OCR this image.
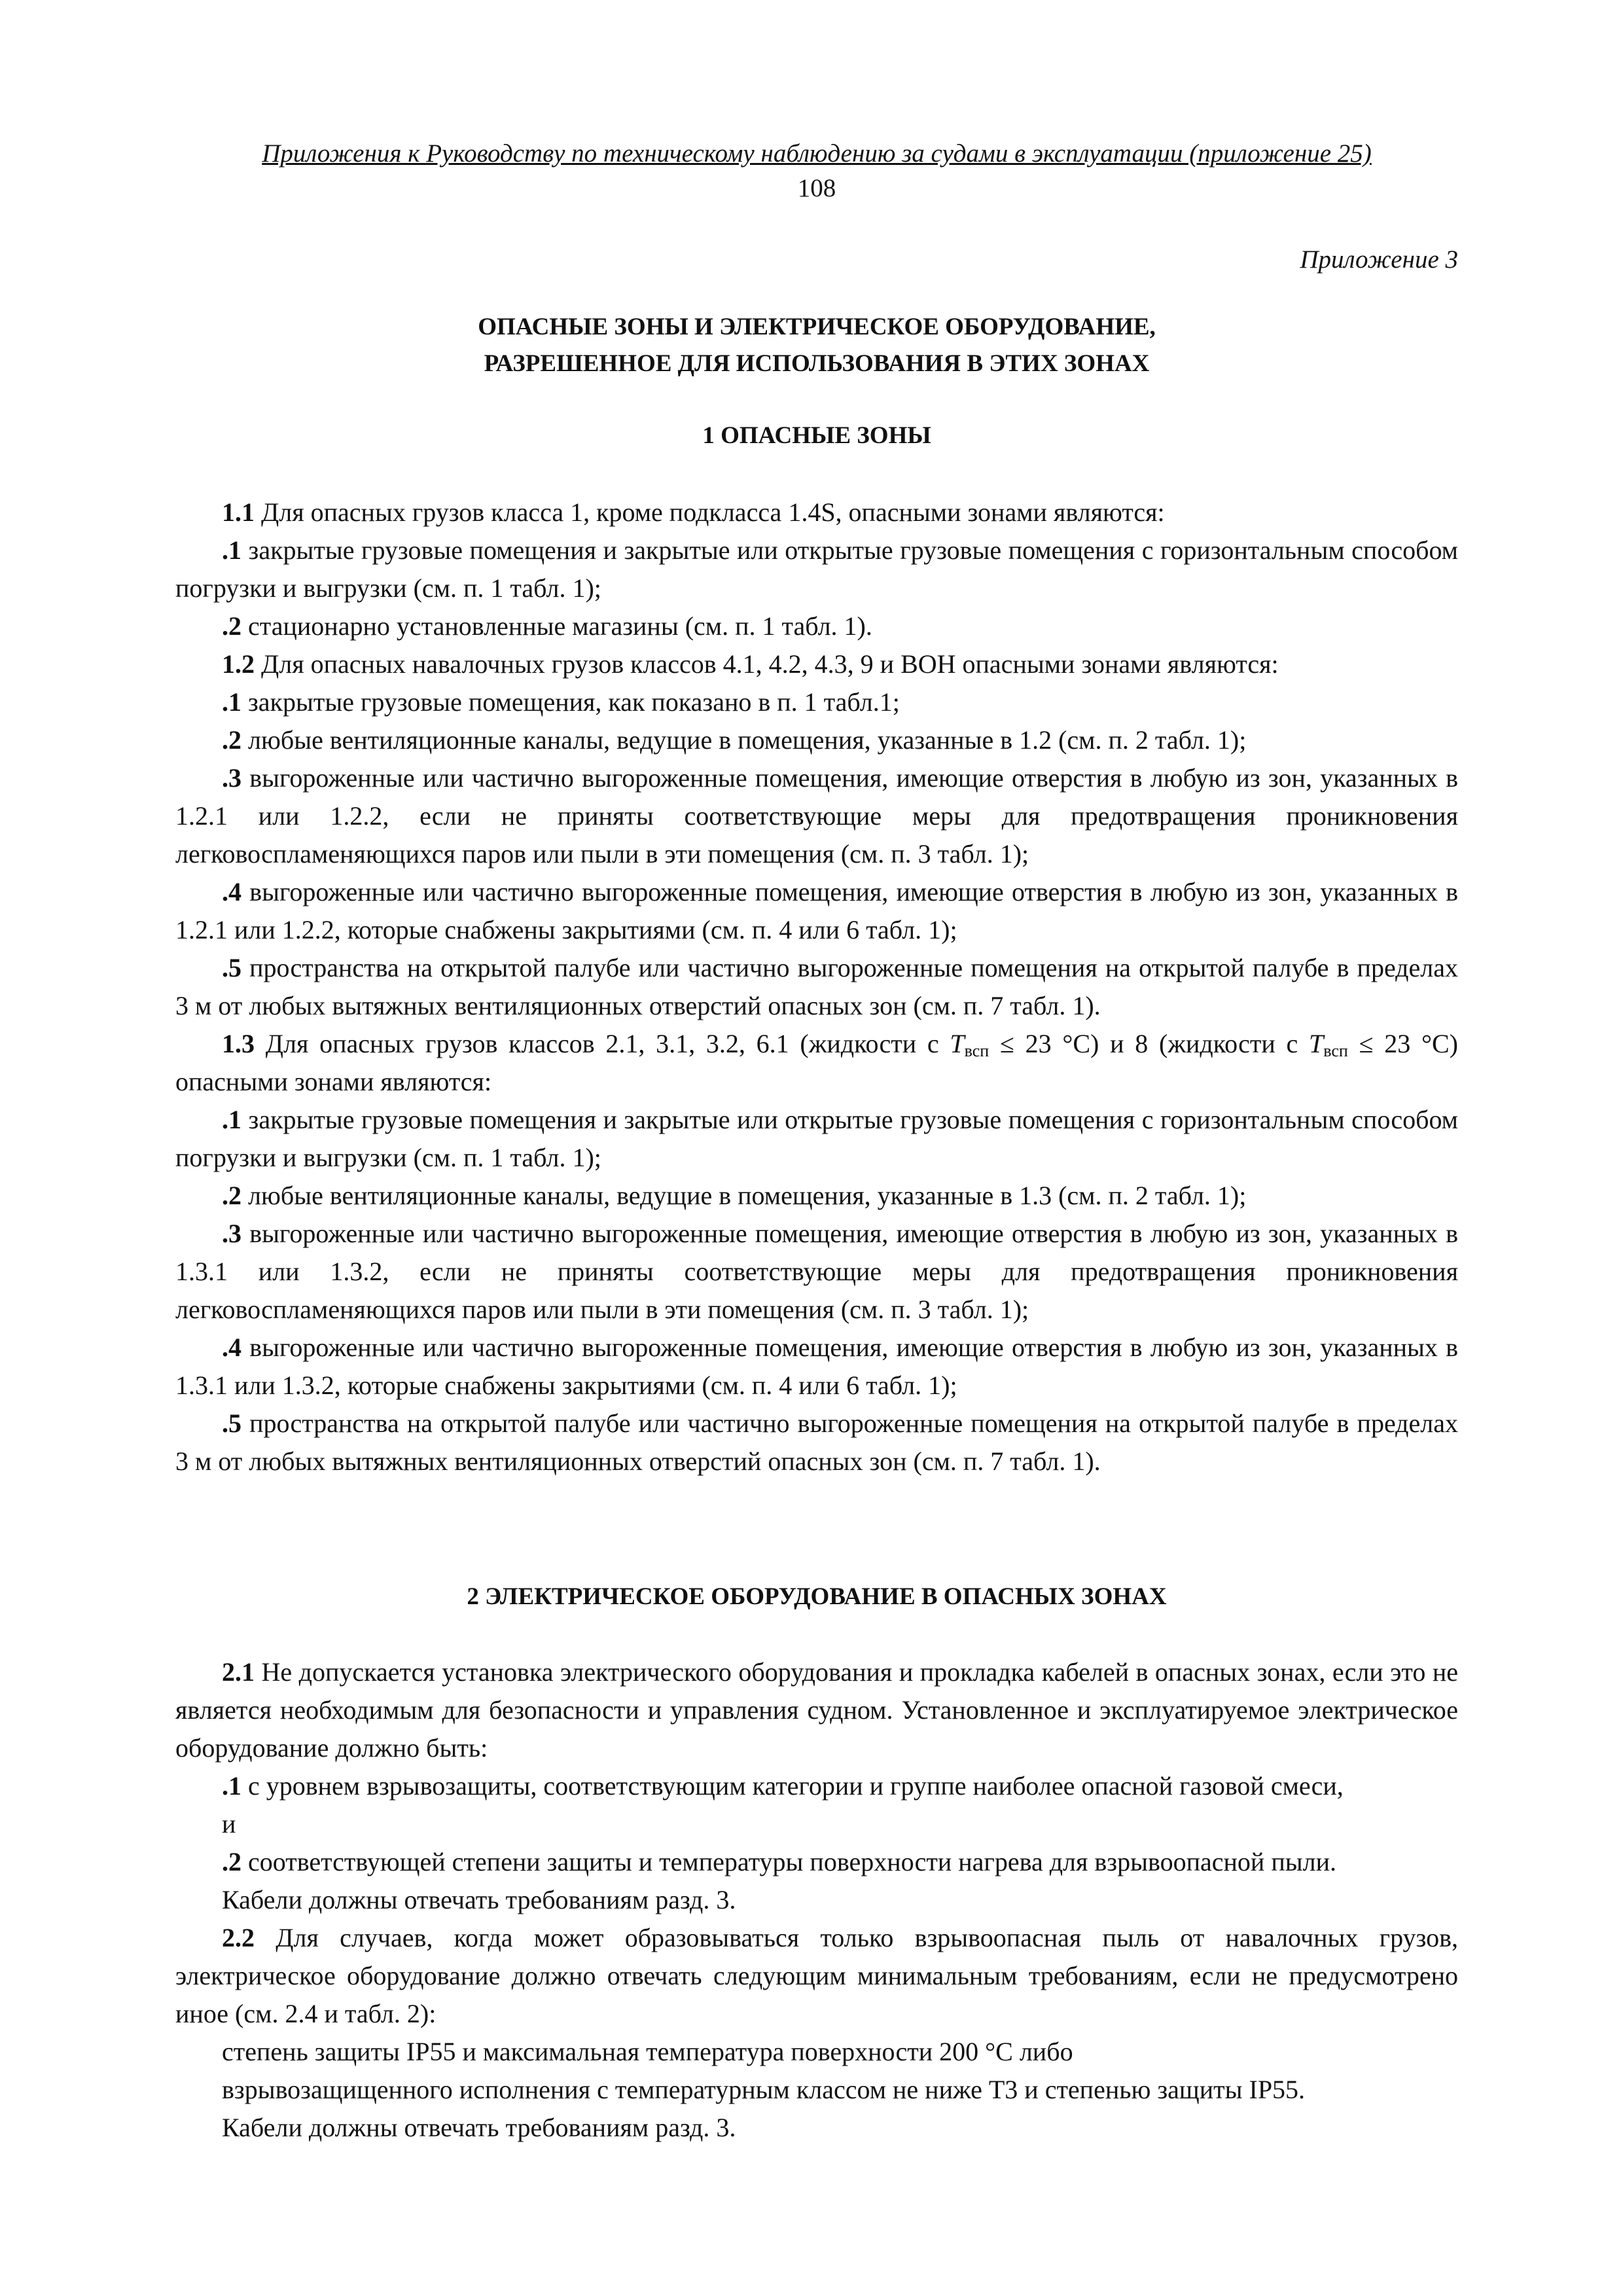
Приложения к Руководству по техническому наблюдению за судами в эксплуатации (приложение 25)
108
Приложение 3
ОПАСНЫЕ ЗОНЫ И ЭЛЕКТРИЧЕСКОЕ ОБОРУДОВАНИЕ,
РАЗРЕШЕННОЕ ДЛЯ ИСПОЛЬЗОВАНИЯ В ЭТИХ ЗОНАХ
1 ОПАСНЫЕ ЗОНЫ

1.1 Для опасных грузов класса 1, кроме подкласса 1.4S, опасными зонами являются:

.1 закрытые грузовые помещения и закрытые или открытые грузовые помещения с горизонтальным способом погрузки и выгрузки (см. п. 1 табл. 1);

.2 стационарно установленные магазины (см. п. 1 табл. 1).

1.2 Для опасных навалочных грузов классов 4.1, 4.2, 4.3, 9 и ВОН опасными зонами являются:

.1 закрытые грузовые помещения, как показано в п. 1 табл.1;

.2 любые вентиляционные каналы, ведущие в помещения, указанные в 1.2 (см. п. 2 табл. 1);

.3 выгороженные или частично выгороженные помещения, имеющие отверстия в любую из зон, указанных в 1.2.1 или 1.2.2, если не приняты соответствующие меры для предотвращения проникновения легковоспламеняющихся паров или пыли в эти помещения (см. п. 3 табл. 1);

.4 выгороженные или частично выгороженные помещения, имеющие отверстия в любую из зон, указанных в 1.2.1 или 1.2.2, которые снабжены закрытиями (см. п. 4 или 6 табл. 1);

.5 пространства на открытой палубе или частично выгороженные помещения на открытой палубе в пределах 3 м от любых вытяжных вентиляционных отверстий опасных зон (см. п. 7 табл. 1).

1.3 Для опасных грузов классов 2.1, 3.1, 3.2, 6.1 (жидкости с $T_{всп} \le 23$ °С) и 8 (жидкости с $T_{всп} \le 23$ °С) опасными зонами являются:

.1 закрытые грузовые помещения и закрытые или открытые грузовые помещения с горизонтальным способом погрузки и выгрузки (см. п. 1 табл. 1);

.2 любые вентиляционные каналы, ведущие в помещения, указанные в 1.3 (см. п. 2 табл. 1);

.3 выгороженные или частично выгороженные помещения, имеющие отверстия в любую из зон, указанных в 1.3.1 или 1.3.2, если не приняты соответствующие меры для предотвращения проникновения легковоспламеняющихся паров или пыли в эти помещения (см. п. 3 табл. 1);

.4 выгороженные или частично выгороженные помещения, имеющие отверстия в любую из зон, указанных в 1.3.1 или 1.3.2, которые снабжены закрытиями (см. п. 4 или 6 табл. 1);

.5 пространства на открытой палубе или частично выгороженные помещения на открытой палубе в пределах 3 м от любых вытяжных вентиляционных отверстий опасных зон (см. п. 7 табл. 1).

2 ЭЛЕКТРИЧЕСКОЕ ОБОРУДОВАНИЕ В ОПАСНЫХ ЗОНАХ

2.1 Не допускается установка электрического оборудования и прокладка кабелей в опасных зонах, если это не является необходимым для безопасности и управления судном. Установленное и эксплуатируемое электрическое оборудование должно быть:

.1 с уровнем взрывозащиты, соответствующим категории и группе наиболее опасной газовой смеси,

и

.2 соответствующей степени защиты и температуры поверхности нагрева для взрывоопасной пыли.

Кабели должны отвечать требованиям разд. 3.

2.2 Для случаев, когда может образовываться только взрывоопасная пыль от навалочных грузов, электрическое оборудование должно отвечать следующим минимальным требованиям, если не предусмотрено иное (см. 2.4 и табл. 2):

степень защиты IP55 и максимальная температура поверхности 200 °С либо

взрывозащищенного исполнения с температурным классом не ниже Т3 и степенью защиты IP55.

Кабели должны отвечать требованиям разд. 3.
